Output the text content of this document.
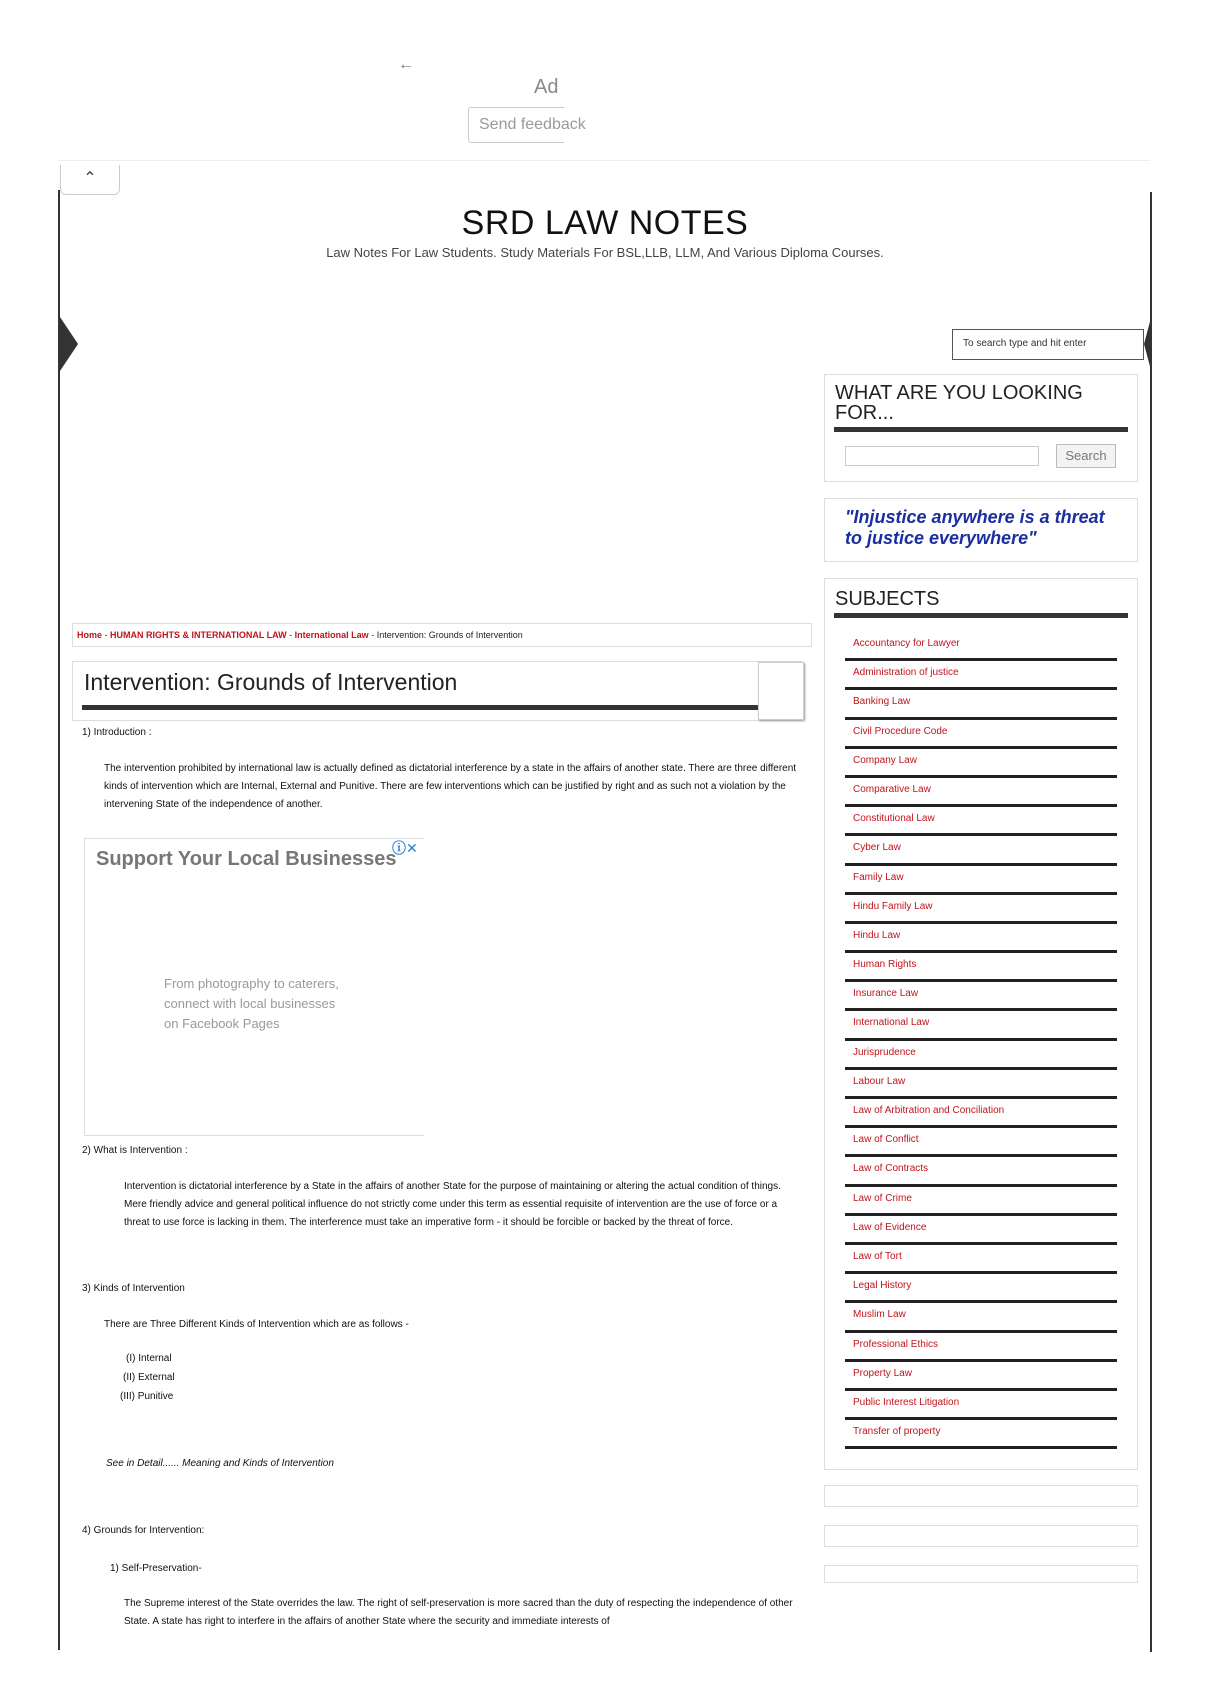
←
Ad
Send feedback
⌃
SRD LAW NOTES
Law Notes For Law Students. Study Materials For BSL,LLB, LLM, And Various Diploma Courses.
To search type and hit enter
WHAT ARE YOU LOOKING FOR...
Search
"Injustice anywhere is a threat to justice everywhere"
SUBJECTS
Accountancy for Lawyer
Administration of justice
Banking Law
Civil Procedure Code
Company Law
Comparative Law
Constitutional Law
Cyber Law
Family Law
Hindu Family Law
Hindu Law
Human Rights
Insurance Law
International Law
Jurisprudence
Labour Law
Law of Arbitration and Conciliation
Law of Conflict
Law of Contracts
Law of Crime
Law of Evidence
Law of Tort
Legal History
Muslim Law
Professional Ethics
Property Law
Public Interest Litigation
Transfer of property
Home - HUMAN RIGHTS & INTERNATIONAL LAW - International Law - Intervention: Grounds of Intervention
Intervention: Grounds of Intervention
1) Introduction :
The intervention prohibited by international law is actually defined as dictatorial interference by a state in the affairs of another state. There are three different kinds of intervention which are Internal, External and Punitive. There are few interventions which can be justified by right and as such not a violation by the intervening State of the independence of another.
Support Your Local Businesses
ⓘ✕
From photography to caterers,
connect with local businesses
on Facebook Pages
2) What is Intervention :
Intervention is dictatorial interference by a State in the affairs of another State for the purpose of maintaining or altering the actual condition of things. Mere friendly advice and general political influence do not strictly come under this term as essential requisite of intervention are the use of force or a threat to use force is lacking in them. The interference must take an imperative form - it should be forcible or backed by the threat of force.
3) Kinds of Intervention
There are Three Different Kinds of Intervention which are as follows -
(I) Internal
(II) External
(III) Punitive
See in Detail...... Meaning and Kinds of Intervention
4) Grounds for Intervention:
1) Self-Preservation-
The Supreme interest of the State overrides the law. The right of self-preservation is more sacred than the duty of respecting the independence of other State. A state has right to interfere in the affairs of another State where the security and immediate interests of
